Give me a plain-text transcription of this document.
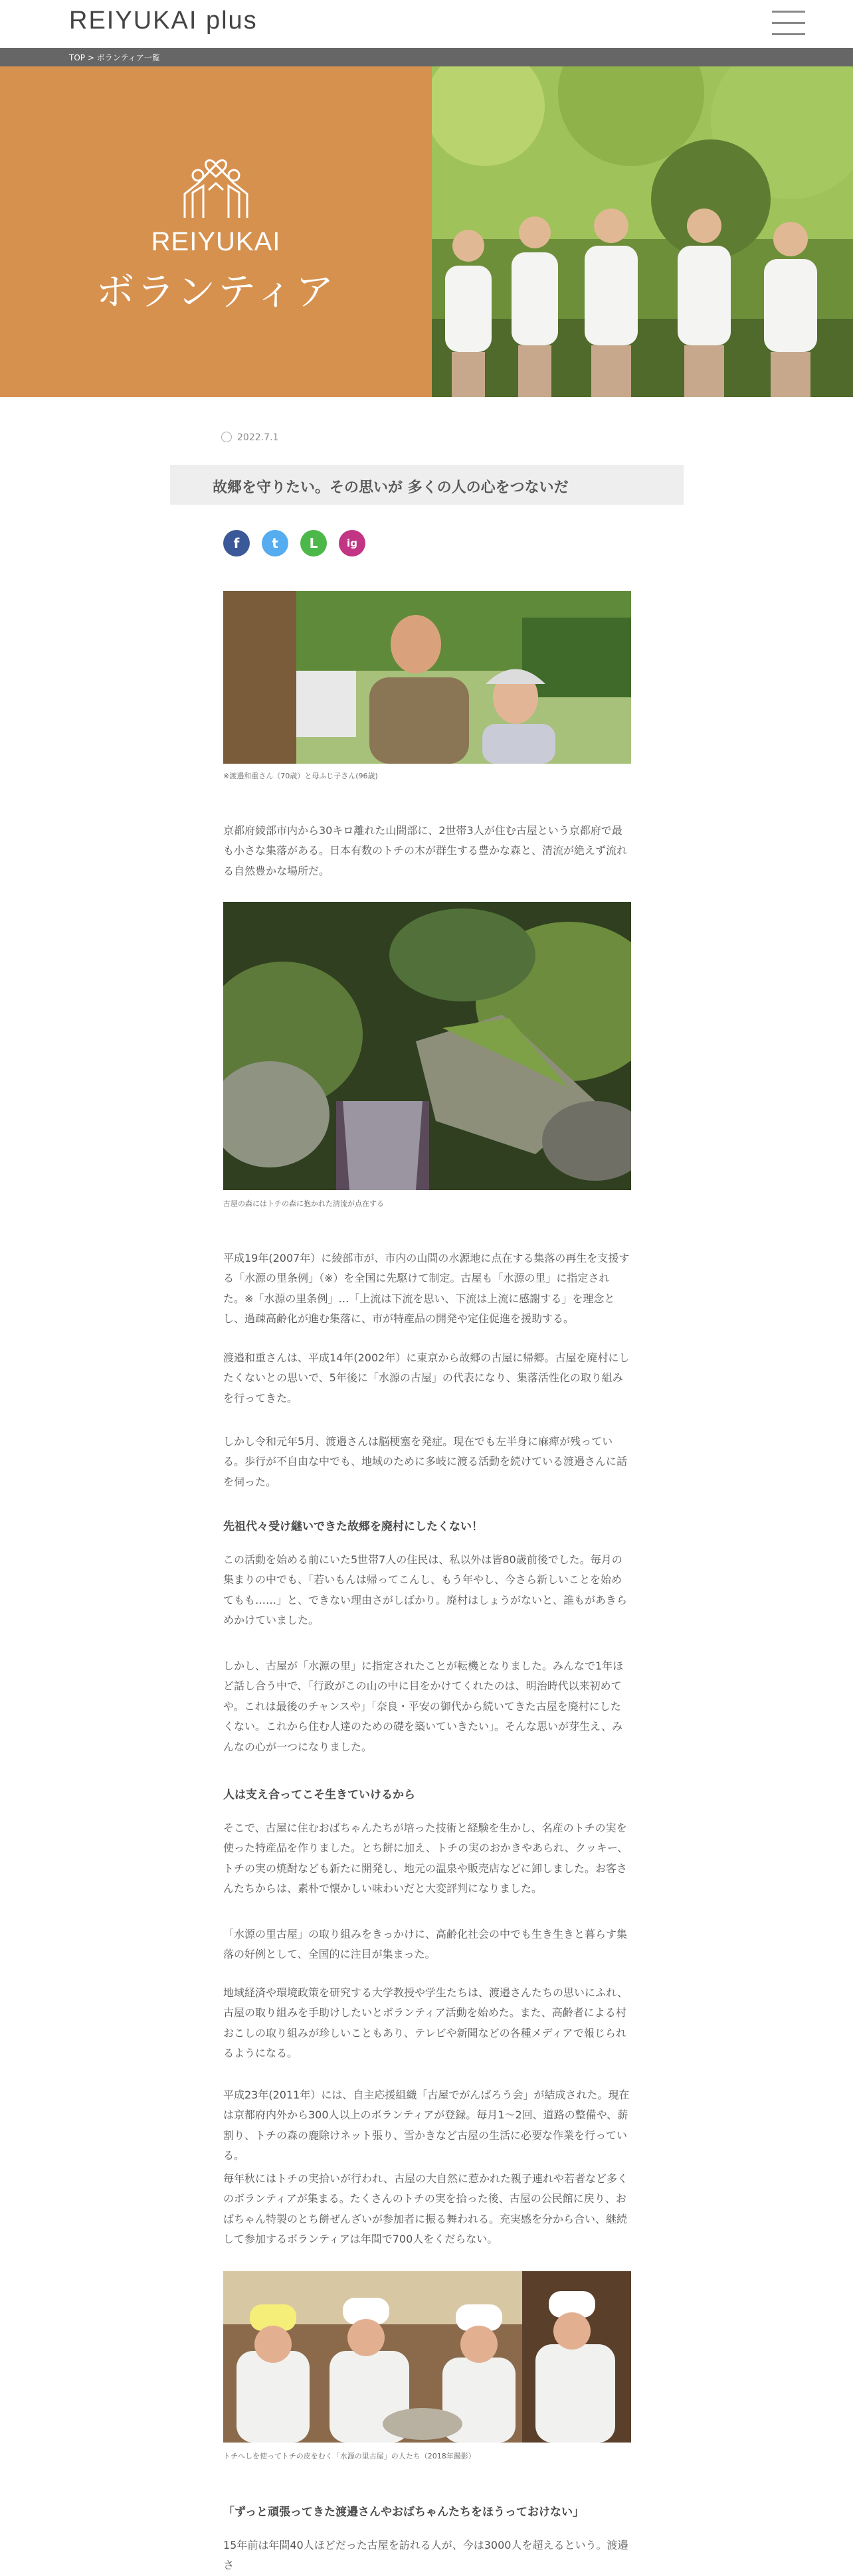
REIYUKAI plus
TOP > ボランティア一覧
REIYUKAI
ボランティア
2022.7.1
故郷を守りたい。その思いが 多くの人の心をつないだ
f	t	L	ig
※渡邉和重さん（70歳）と母ふじ子さん(96歳)
京都府綾部市内から30キロ離れた山間部に、2世帯3人が住む古屋という京都府で最も小さな集落がある。日本有数のトチの木が群生する豊かな森と、清流が絶えず流れる自然豊かな場所だ。
古屋の森にはトチの森に抱かれた清流が点在する
平成19年(2007年）に綾部市が、市内の山間の水源地に点在する集落の再生を支援する「水源の里条例」（※）を全国に先駆けて制定。古屋も「水源の里」に指定された。※「水源の里条例」…「上流は下流を思い、下流は上流に感謝する」を理念とし、過疎高齢化が進む集落に、市が特産品の開発や定住促進を援助する。
渡邉和重さんは、平成14年(2002年）に東京から故郷の古屋に帰郷。古屋を廃村にしたくないとの思いで、5年後に「水源の古屋」の代表になり、集落活性化の取り組みを行ってきた。
しかし令和元年5月、渡邉さんは脳梗塞を発症。現在でも左半身に麻痺が残っている。歩行が不自由な中でも、地域のために多岐に渡る活動を続けている渡邉さんに話を伺った。
先祖代々受け継いできた故郷を廃村にしたくない！
この活動を始める前にいた5世帯7人の住民は、私以外は皆80歳前後でした。毎月の集まりの中でも、「若いもんは帰ってこんし、もう年やし、今さら新しいことを始めてもも……」と、できない理由さがしばかり。廃村はしょうがないと、誰もがあきらめかけていました。
しかし、古屋が「水源の里」に指定されたことが転機となりました。みんなで1年ほど話し合う中で、「行政がこの山の中に目をかけてくれたのは、明治時代以来初めてや。これは最後のチャンスや」「奈良・平安の御代から続いてきた古屋を廃村にしたくない。これから住む人達のための礎を築いていきたい」。そんな思いが芽生え、みんなの心が一つになりました。
人は支え合ってこそ生きていけるから
そこで、古屋に住むおばちゃんたちが培った技術と経験を生かし、名産のトチの実を使った特産品を作りました。とち餅に加え、トチの実のおかきやあられ、クッキー、トチの実の焼酎なども新たに開発し、地元の温泉や販売店などに卸しました。お客さんたちからは、素朴で懐かしい味わいだと大変評判になりました。
「水源の里古屋」の取り組みをきっかけに、高齢化社会の中でも生き生きと暮らす集落の好例として、全国的に注目が集まった。
地域経済や環境政策を研究する大学教授や学生たちは、渡邉さんたちの思いにふれ、古屋の取り組みを手助けしたいとボランティア活動を始めた。また、高齢者による村おこしの取り組みが珍しいこともあり、テレビや新聞などの各種メディアで報じられるようになる。
平成23年(2011年）には、自主応援組織「古屋でがんばろう会」が結成された。現在は京都府内外から300人以上のボランティアが登録。毎月1～2回、道路の整備や、薪割り、トチの森の鹿除けネット張り、雪かきなど古屋の生活に必要な作業を行っている。
毎年秋にはトチの実拾いが行われ、古屋の大自然に惹かれた親子連れや若者など多くのボランティアが集まる。たくさんのトチの実を拾った後、古屋の公民館に戻り、おばちゃん特製のとち餅ぜんざいが参加者に振る舞われる。充実感を分から合い、継続して参加するボランティアは年間で700人をくだらない。
トチへしを使ってトチの皮をむく「水源の里古屋」の人たち（2018年撮影）
「ずっと頑張ってきた渡邉さんやおばちゃんたちをほうっておけない」
15年前は年間40人ほどだった古屋を訪れる人が、今は3000人を超えるという。渡邉さ
